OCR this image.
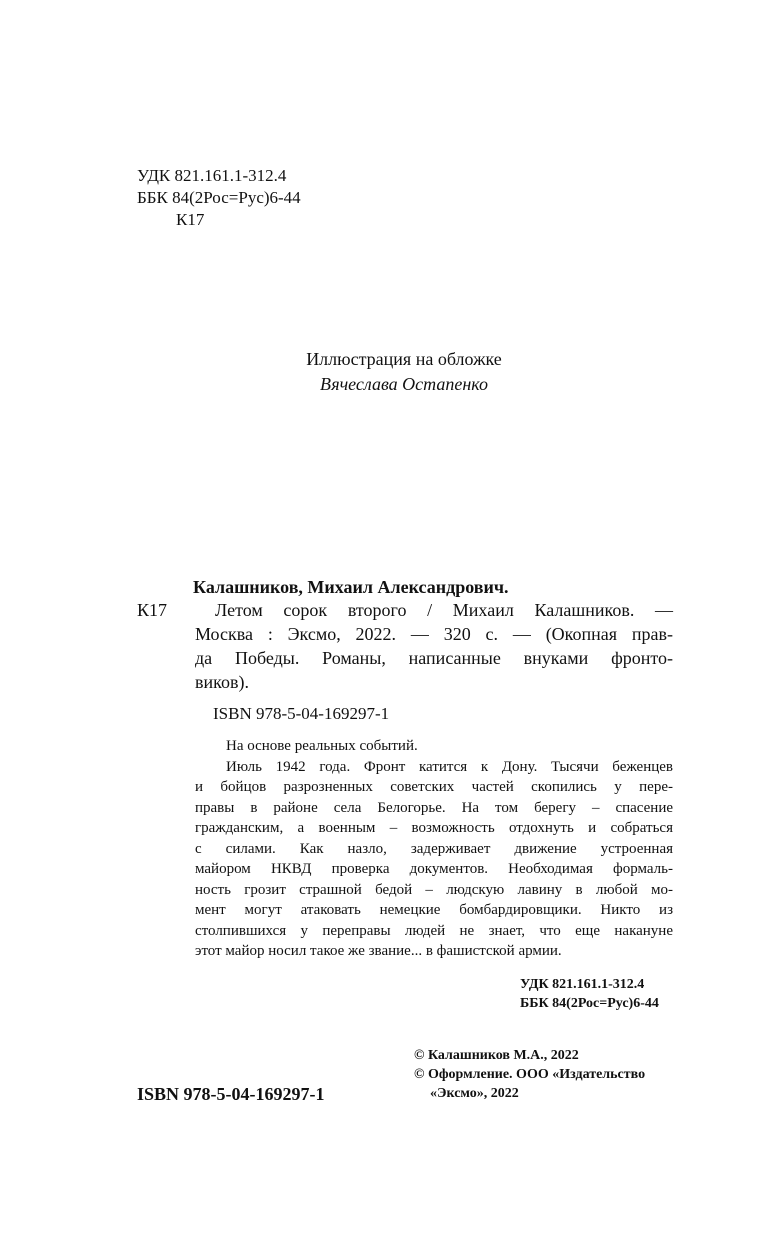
УДК 821.161.1-312.4
ББК 84(2Рос=Рус)6-44
К17
Иллюстрация на обложке
Вячеслава Остапенко
Калашников, Михаил Александрович.
К17	Летом сорок второго / Михаил Калашников. —
Москва : Эксмо, 2022. — 320 с. — (Окопная прав-
да Победы. Романы, написанные внуками фронто-
виков).
ISBN 978-5-04-169297-1
На основе реальных событий.
Июль 1942 года. Фронт катится к Дону. Тысячи беженцев
и бойцов разрозненных советских частей скопились у пере-
правы в районе села Белогорье. На том берегу – спасение
гражданским, а военным – возможность отдохнуть и собраться
с силами. Как назло, задерживает движение устроенная
майором НКВД проверка документов. Необходимая формаль-
ность грозит страшной бедой – людскую лавину в любой мо-
мент могут атаковать немецкие бомбардировщики. Никто из
столпившихся у переправы людей не знает, что еще накануне
этот майор носил такое же звание... в фашистской армии.
УДК 821.161.1-312.4
ББК 84(2Рос=Рус)6-44
© Калашников М.А., 2022
© Оформление. ООО «Издательство
«Эксмо», 2022
ISBN 978-5-04-169297-1
